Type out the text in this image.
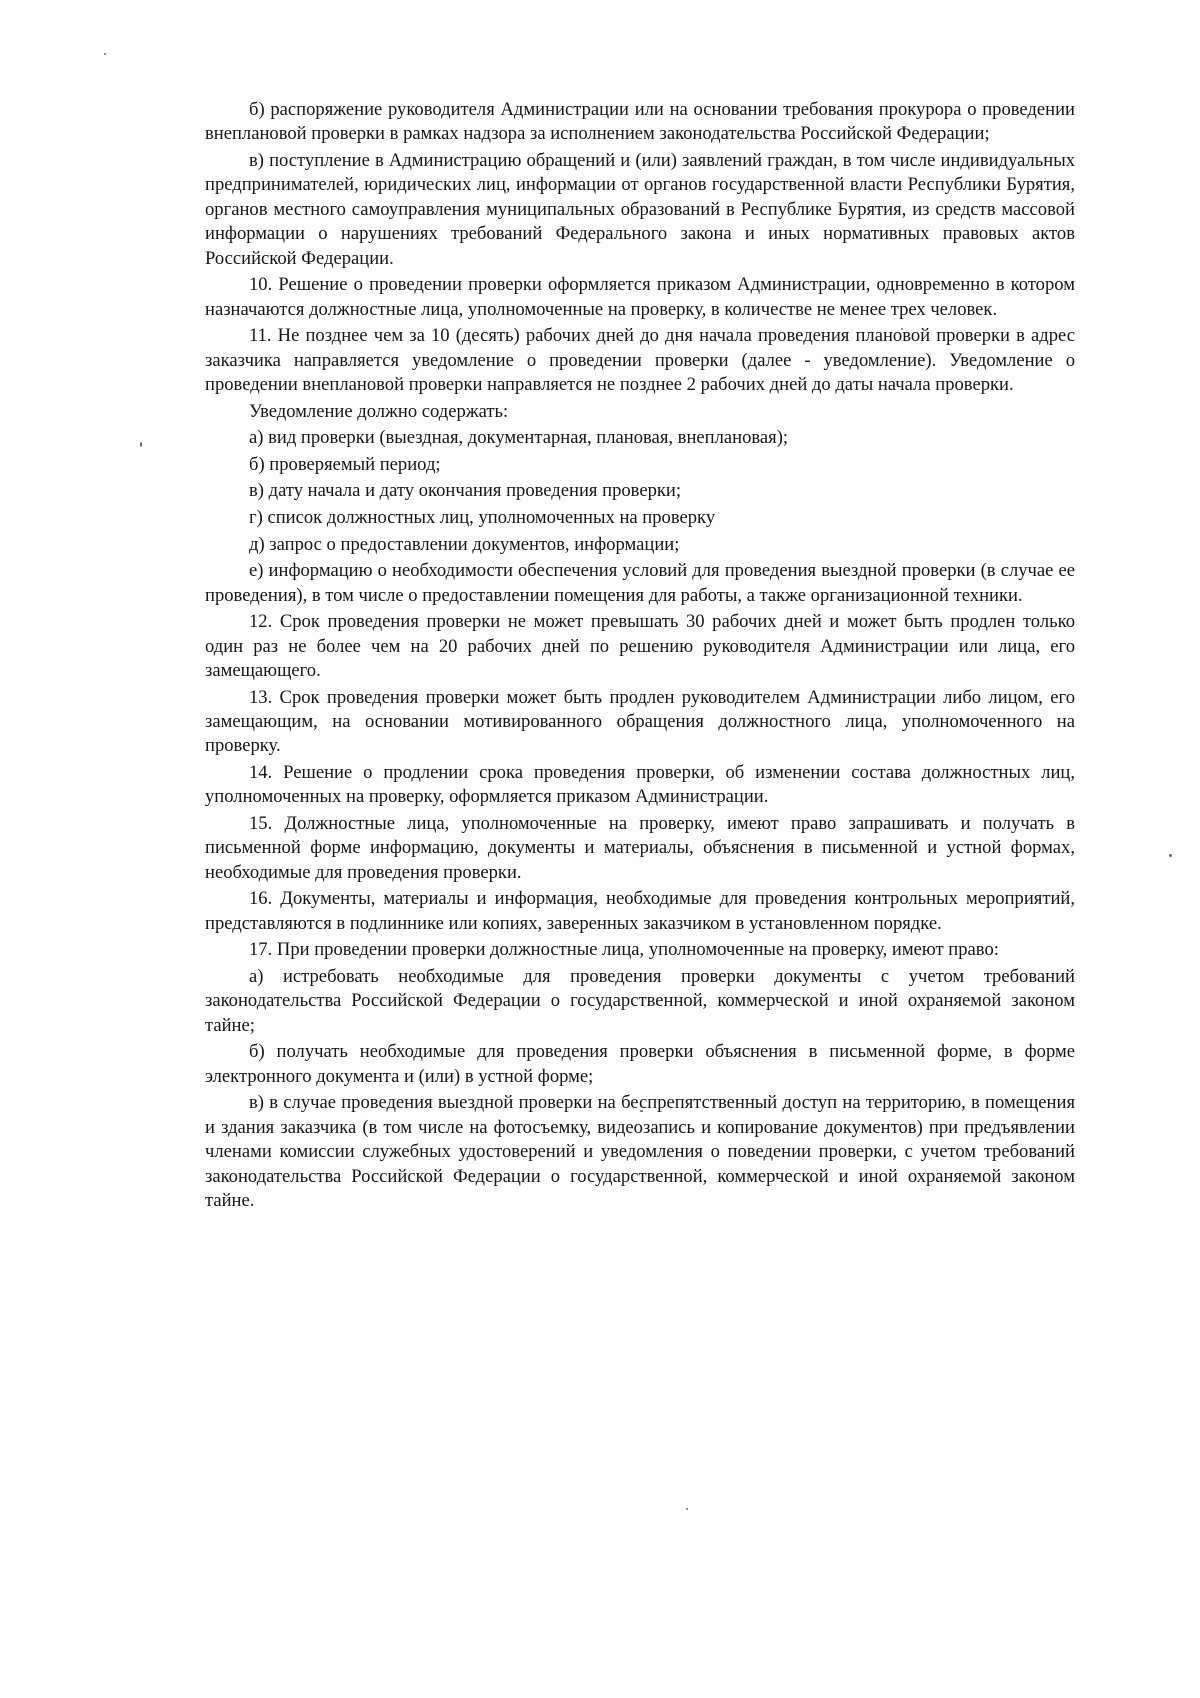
б) распоряжение руководителя Администрации или на основании требования прокурора о проведении внеплановой проверки в рамках надзора за исполнением законодательства Российской Федерации;

в) поступление в Администрацию обращений и (или) заявлений граждан, в том числе индивидуальных предпринимателей, юридических лиц, информации от органов государственной власти Республики Бурятия, органов местного самоуправления муниципальных образований в Республике Бурятия, из средств массовой информации о нарушениях требований Федерального закона и иных нормативных правовых актов Российской Федерации.

10. Решение о проведении проверки оформляется приказом Администрации, одновременно в котором назначаются должностные лица, уполномоченные на проверку, в количестве не менее трех человек.

11. Не позднее чем за 10 (десять) рабочих дней до дня начала проведения плановой проверки в адрес заказчика направляется уведомление о проведении проверки (далее - уведомление). Уведомление о проведении внеплановой проверки направляется не позднее 2 рабочих дней до даты начала проверки.

Уведомление должно содержать:

а) вид проверки (выездная, документарная, плановая, внеплановая);

б) проверяемый период;

в) дату начала и дату окончания проведения проверки;

г) список должностных лиц, уполномоченных на проверку

д) запрос о предоставлении документов, информации;

е) информацию о необходимости обеспечения условий для проведения выездной проверки (в случае ее проведения), в том числе о предоставлении помещения для работы, а также организационной техники.

12. Срок проведения проверки не может превышать 30 рабочих дней и может быть продлен только один раз не более чем на 20 рабочих дней по решению руководителя Администрации или лица, его замещающего.

13. Срок проведения проверки может быть продлен руководителем Администрации либо лицом, его замещающим, на основании мотивированного обращения должностного лица, уполномоченного на проверку.

14. Решение о продлении срока проведения проверки, об изменении состава должностных лиц, уполномоченных на проверку, оформляется приказом Администрации.

15. Должностные лица, уполномоченные на проверку, имеют право запрашивать и получать в письменной форме информацию, документы и материалы, объяснения в письменной и устной формах, необходимые для проведения проверки.

16. Документы, материалы и информация, необходимые для проведения контрольных мероприятий, представляются в подлиннике или копиях, заверенных заказчиком в установленном порядке.

17. При проведении проверки должностные лица, уполномоченные на проверку, имеют право:

а) истребовать необходимые для проведения проверки документы с учетом требований законодательства Российской Федерации о государственной, коммерческой и иной охраняемой законом тайне;

б) получать необходимые для проведения проверки объяснения в письменной форме, в форме электронного документа и (или) в устной форме;

в) в случае проведения выездной проверки на беспрепятственный доступ на территорию, в помещения и здания заказчика (в том числе на фотосъемку, видеозапись и копирование документов) при предъявлении членами комиссии служебных удостоверений и уведомления о поведении проверки, с учетом требований законодательства Российской Федерации о государственной, коммерческой и иной охраняемой законом тайне.
